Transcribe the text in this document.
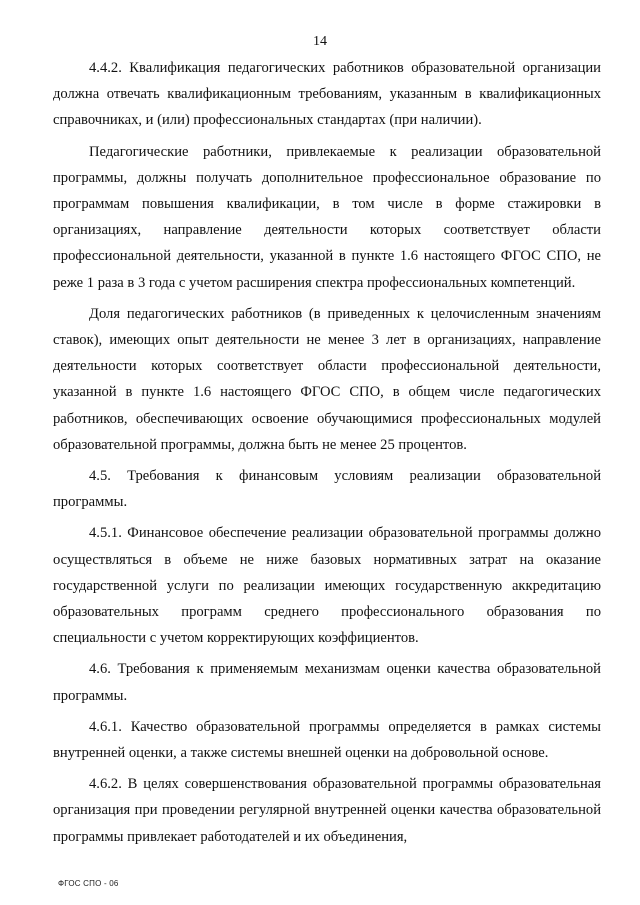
14

4.4.2. Квалификация педагогических работников образовательной организации должна отвечать квалификационным требованиям, указанным в квалификационных справочниках, и (или) профессиональных стандартах (при наличии).

Педагогические работники, привлекаемые к реализации образовательной программы, должны получать дополнительное профессиональное образование по программам повышения квалификации, в том числе в форме стажировки в организациях, направление деятельности которых соответствует области профессиональной деятельности, указанной в пункте 1.6 настоящего ФГОС СПО, не реже 1 раза в 3 года с учетом расширения спектра профессиональных компетенций.

Доля педагогических работников (в приведенных к целочисленным значениям ставок), имеющих опыт деятельности не менее 3 лет в организациях, направление деятельности которых соответствует области профессиональной деятельности, указанной в пункте 1.6 настоящего ФГОС СПО, в общем числе педагогических работников, обеспечивающих освоение обучающимися профессиональных модулей образовательной программы, должна быть не менее 25 процентов.

4.5. Требования к финансовым условиям реализации образовательной программы.

4.5.1. Финансовое обеспечение реализации образовательной программы должно осуществляться в объеме не ниже базовых нормативных затрат на оказание государственной услуги по реализации имеющих государственную аккредитацию образовательных программ среднего профессионального образования по специальности с учетом корректирующих коэффициентов.

4.6. Требования к применяемым механизмам оценки качества образовательной программы.

4.6.1. Качество образовательной программы определяется в рамках системы внутренней оценки, а также системы внешней оценки на добровольной основе.

4.6.2. В целях совершенствования образовательной программы образовательная организация при проведении регулярной внутренней оценки качества образовательной программы привлекает работодателей и их объединения,

ФГОС СПО - 06
